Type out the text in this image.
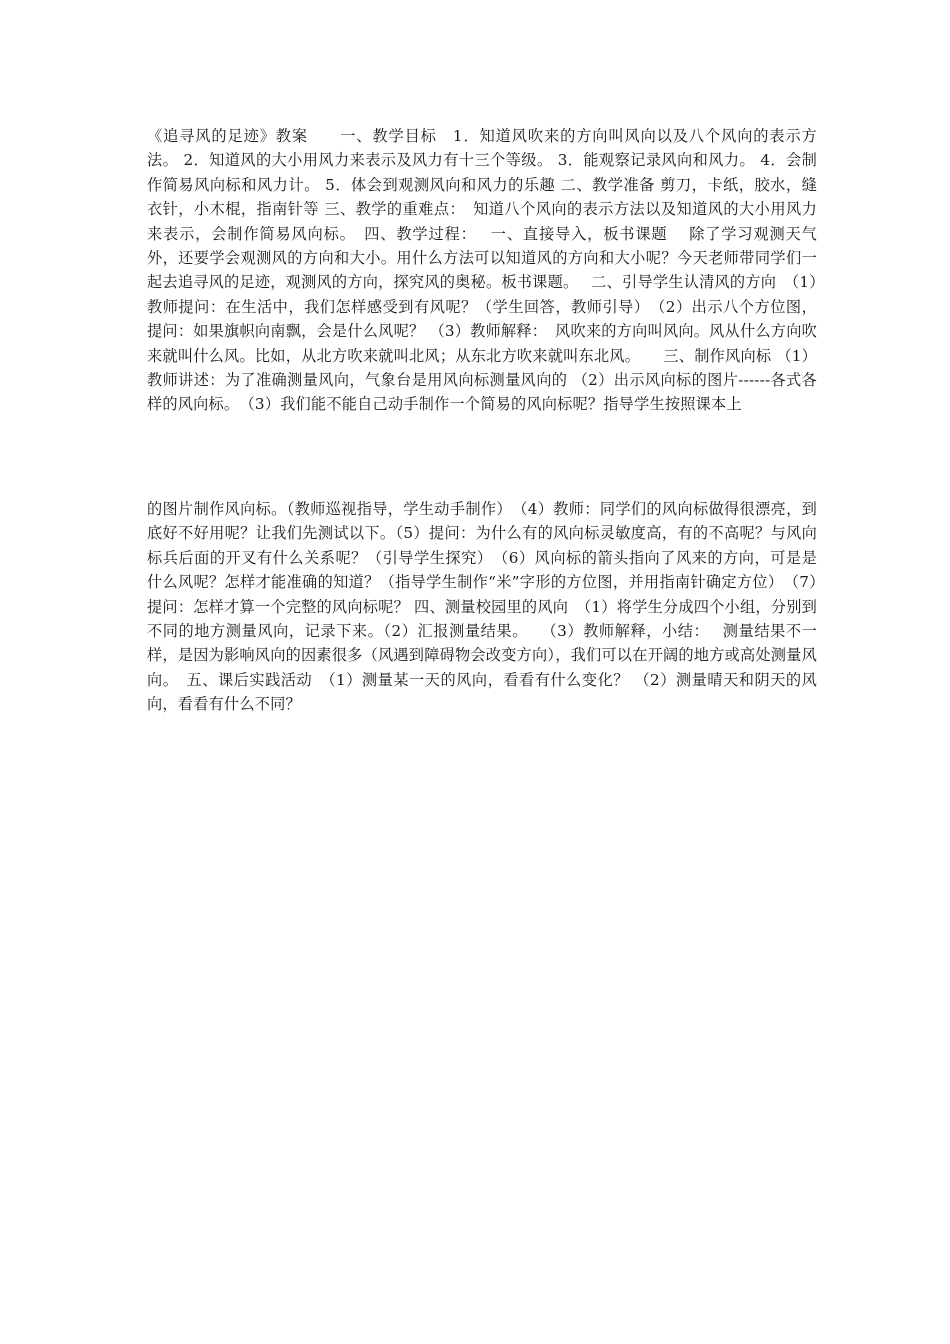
《追寻风的足迹》教案　　一、教学目标　1．知道风吹来的方向叫风向以及八个风向的表示方法。 2．知道风的大小用风力来表示及风力有十三个等级。 3．能观察记录风向和风力。 4．会制作简易风向标和风力计。 5．体会到观测风向和风力的乐趣 二、教学准备 剪刀，卡纸，胶水，缝衣针，小木棍，指南针等 三、教学的重难点：　知道八个风向的表示方法以及知道风的大小用风力来表示，会制作简易风向标。　四、教学过程：　 一、直接导入，板书课题　 除了学习观测天气外，还要学会观测风的方向和大小。用什么方法可以知道风的方向和大小呢？今天老师带同学们一起去追寻风的足迹，观测风的方向，探究风的奥秘。板书课题。　 二、引导学生认清风的方向　（1）教师提问：在生活中，我们怎样感受到有风呢？（学生回答，教师引导）　（2）出示八个方位图，提问：如果旗帜向南飘，会是什么风呢？ （3）教师解释：　风吹来的方向叫风向。风从什么方向吹来就叫什么风。比如，从北方吹来就叫北风；从东北方吹来就叫东北风。　　三、制作风向标 （1）教师讲述：为了准确测量风向，气象台是用风向标测量风向的 （2）出示风向标的图片------各式各样的风向标。　（3）我们能不能自己动手制作一个简易的风向标呢？指导学生按照课本上

的图片制作风向标。（教师巡视指导，学生动手制作）　（4）教师：同学们的风向标做得很漂亮，到底好不好用呢？让我们先测试以下。（5）提问：为什么有的风向标灵敏度高，有的不高呢？与风向标兵后面的开叉有什么关系呢？（引导学生探究）　（6）风向标的箭头指向了风来的方向，可是是什么风呢？怎样才能准确的知道？（指导学生制作“米”字形的方位图，并用指南针确定方位）　（7）提问：怎样才算一个完整的风向标呢？ 四、测量校园里的风向　（1）将学生分成四个小组，分别到不同的地方测量风向，记录下来。（2）汇报测量结果。　 （3）教师解释，小结：　 测量结果不一样，是因为影响风向的因素很多（风遇到障碍物会改变方向），我们可以在开阔的地方或高处测量风向。　五、课后实践活动　（1）测量某一天的风向，看看有什么变化？ （2）测量晴天和阴天的风向，看看有什么不同？
